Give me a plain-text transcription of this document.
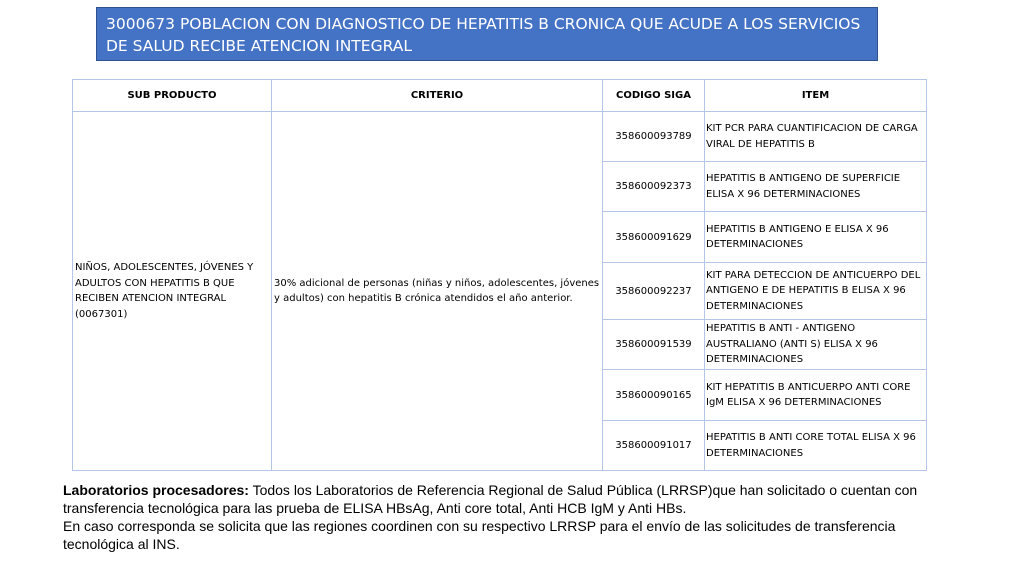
3000673 POBLACION CON DIAGNOSTICO DE HEPATITIS B CRONICA QUE ACUDE A LOS SERVICIOS DE SALUD RECIBE ATENCION INTEGRAL
SUB PRODUCTO	CRITERIO	CODIGO SIGA	ITEM
NIÑOS, ADOLESCENTES, JÓVENES Y ADULTOS CON HEPATITIS B QUE RECIBEN ATENCION INTEGRAL (0067301)	30% adicional de personas (niñas y niños, adolescentes, jóvenes y adultos) con hepatitis B crónica atendidos el año anterior.	358600093789	KIT PCR PARA CUANTIFICACION DE CARGA VIRAL DE HEPATITIS B
		358600092373	HEPATITIS B ANTIGENO DE SUPERFICIE ELISA X 96 DETERMINACIONES
		358600091629	HEPATITIS B ANTIGENO E ELISA X 96 DETERMINACIONES
		358600092237	KIT PARA DETECCION DE ANTICUERPO DEL ANTIGENO E DE HEPATITIS B ELISA X 96 DETERMINACIONES
		358600091539	HEPATITIS B ANTI - ANTIGENO AUSTRALIANO (ANTI S) ELISA X 96 DETERMINACIONES
		358600090165	KIT HEPATITIS B ANTICUERPO ANTI CORE IgM ELISA X 96 DETERMINACIONES
		358600091017	HEPATITIS B ANTI CORE TOTAL ELISA X 96 DETERMINACIONES
Laboratorios procesadores: Todos los Laboratorios de Referencia Regional de Salud Pública (LRRSP)que han solicitado o cuentan con transferencia tecnológica para las prueba de ELISA HBsAg, Anti core total, Anti HCB IgM y Anti HBs.
En caso corresponda se solicita que las regiones coordinen con su respectivo LRRSP para el envío de las solicitudes de transferencia tecnológica al INS.
